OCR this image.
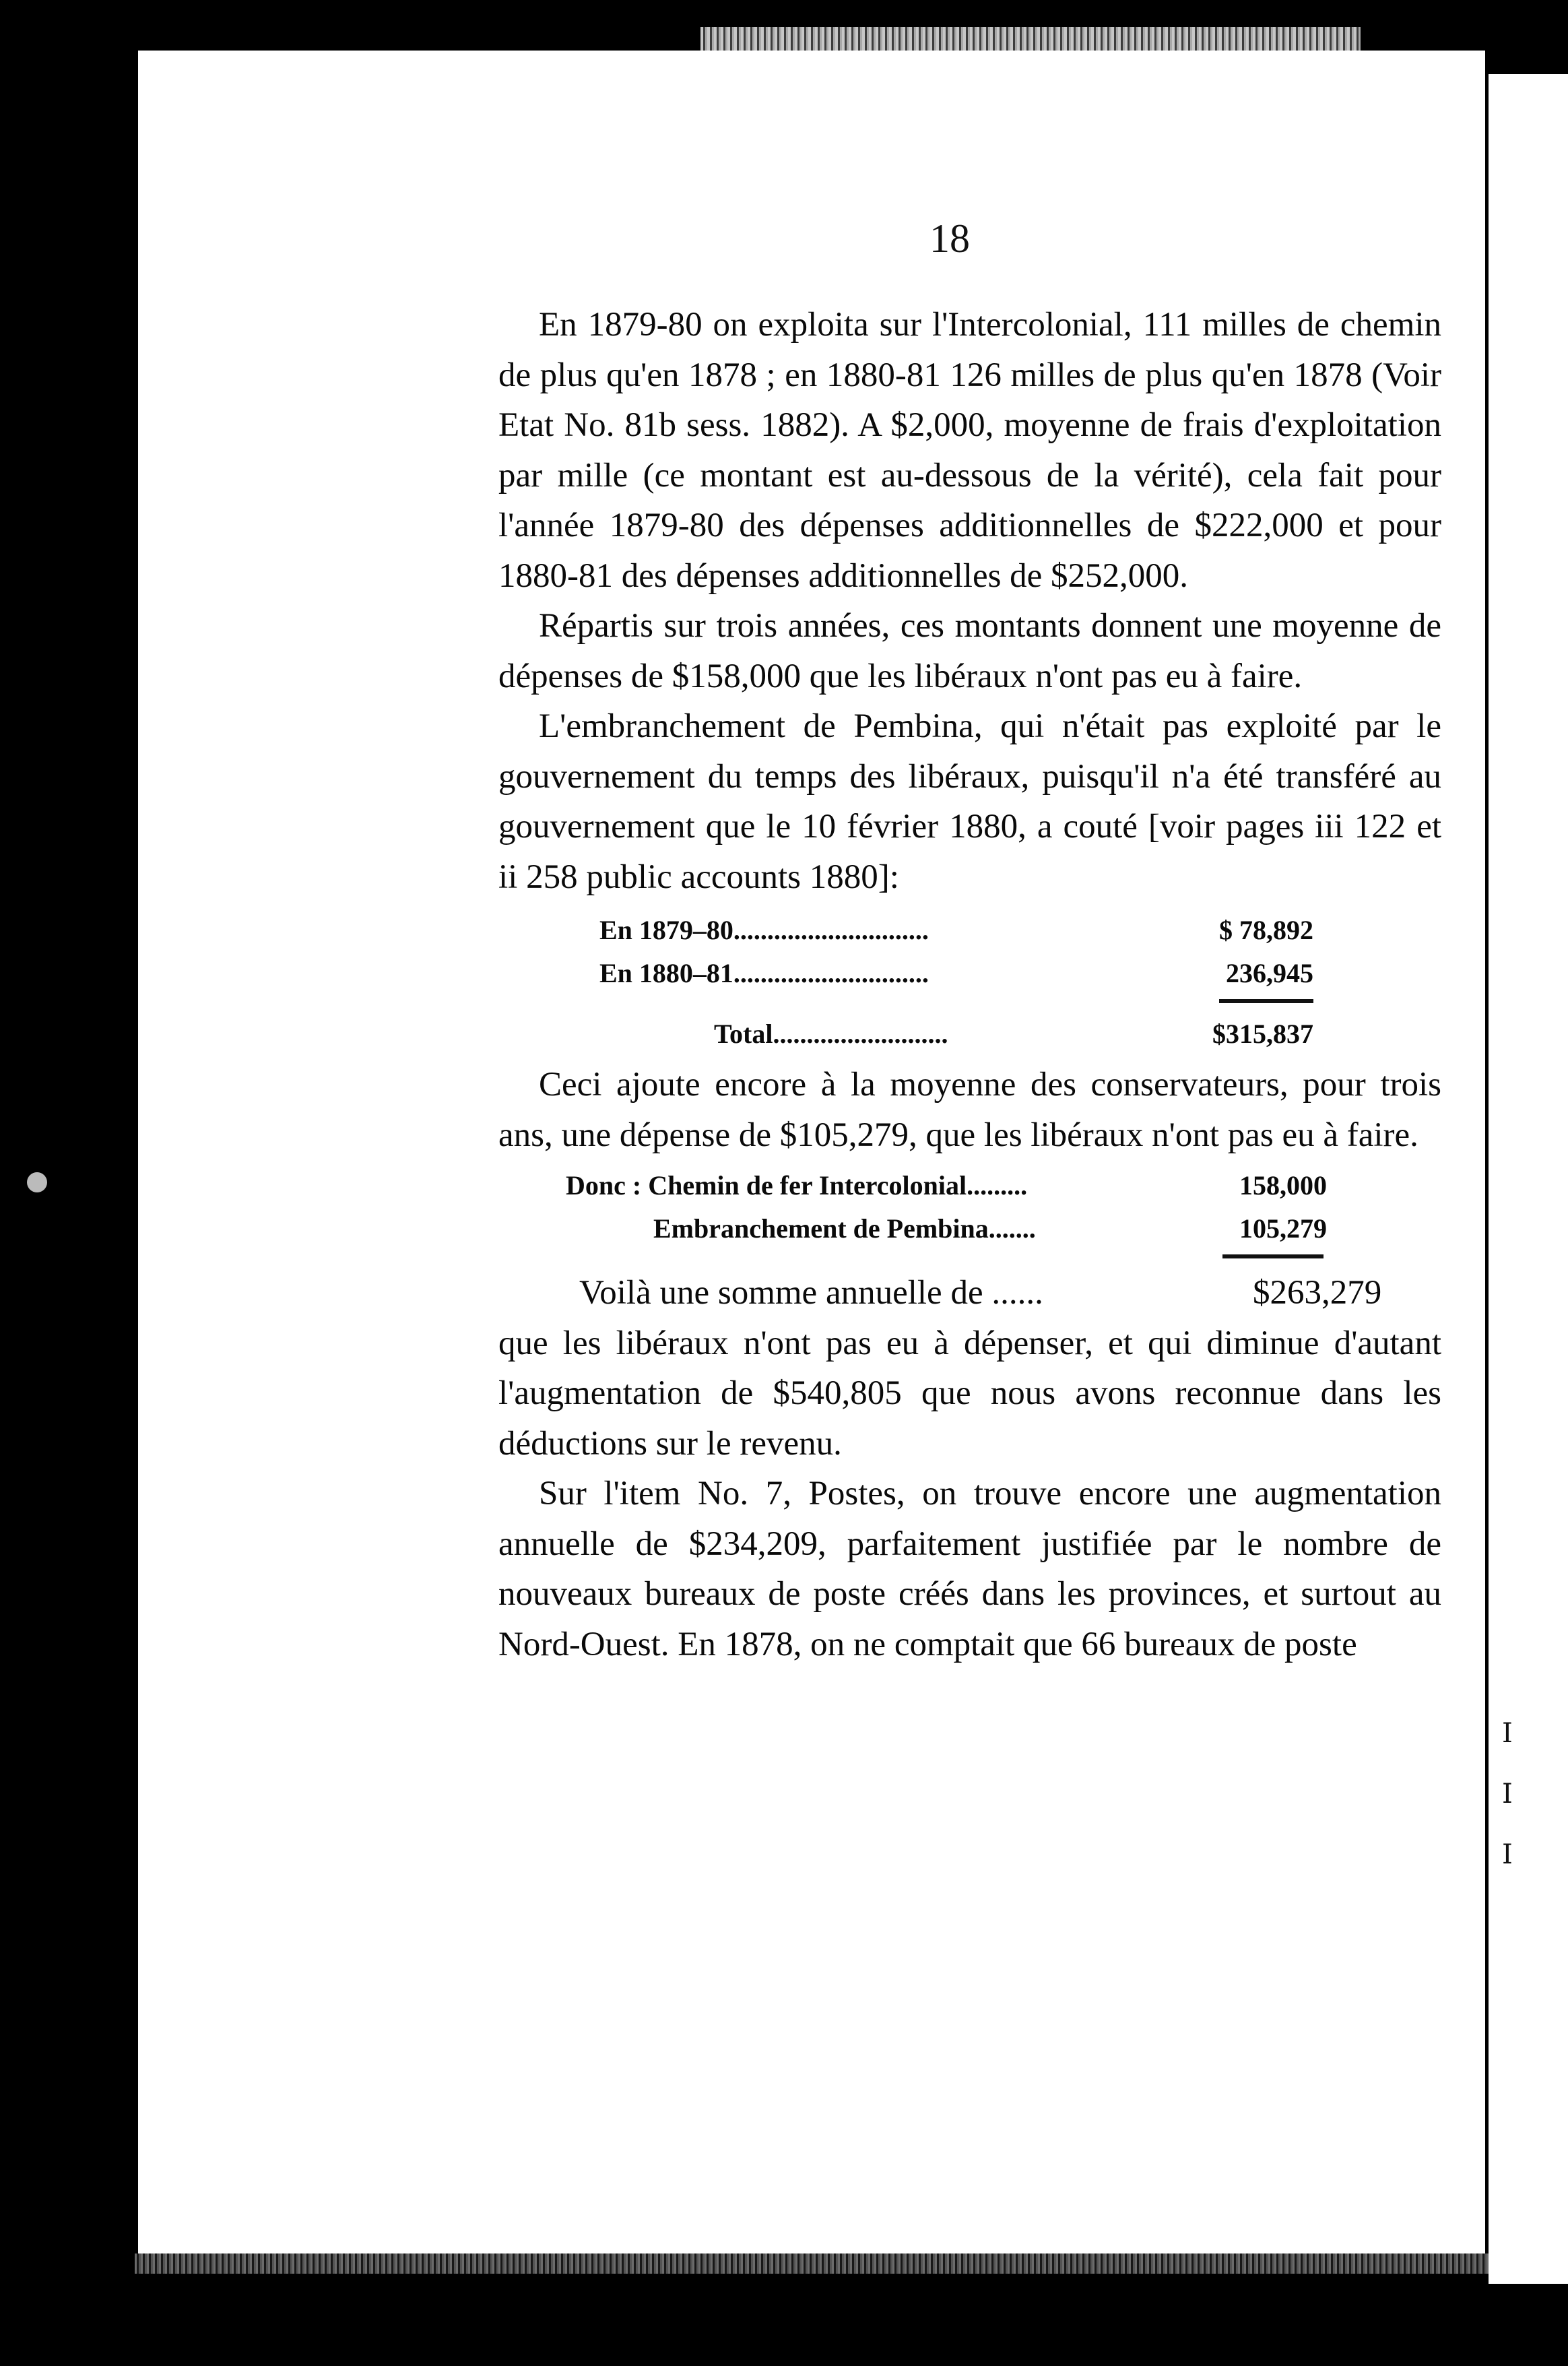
I
I
I
18

En 1879-80 on exploita sur l'Intercolonial, 111 milles de chemin de plus qu'en 1878 ; en 1880-81 126 milles de plus qu'en 1878 (Voir Etat No. 81b sess. 1882). A $2,000, moyenne de frais d'exploitation par mille (ce montant est au-dessous de la vérité), cela fait pour l'année 1879-80 des dépenses additionnelles de $222,000 et pour 1880-81 des dépenses additionnelles de $252,000.

Répartis sur trois années, ces montants donnent une moyenne de dépenses de $158,000 que les libéraux n'ont pas eu à faire.

L'embranchement de Pembina, qui n'était pas exploité par le gouvernement du temps des libéraux, puisqu'il n'a été transféré au gouvernement que le 10 février 1880, a couté [voir pages iii 122 et ii 258 public accounts 1880]:

En 1879–80.............................	$ 78,892
En 1880–81.............................	236,945
Total..........................	$315,837

Ceci ajoute encore à la moyenne des conservateurs, pour trois ans, une dépense de $105,279, que les libéraux n'ont pas eu à faire.

Donc : Chemin de fer Intercolonial.........	158,000
Embranchement de Pembina.......	105,279
Voilà une somme annuelle de ......	$263,279

que les libéraux n'ont pas eu à dépenser, et qui diminue d'autant l'augmentation de $540,805 que nous avons reconnue dans les déductions sur le revenu.

Sur l'item No. 7, Postes, on trouve encore une augmentation annuelle de $234,209, parfaitement justifiée par le nombre de nouveaux bureaux de poste créés dans les provinces, et surtout au Nord-Ouest. En 1878, on ne comptait que 66 bureaux de poste
